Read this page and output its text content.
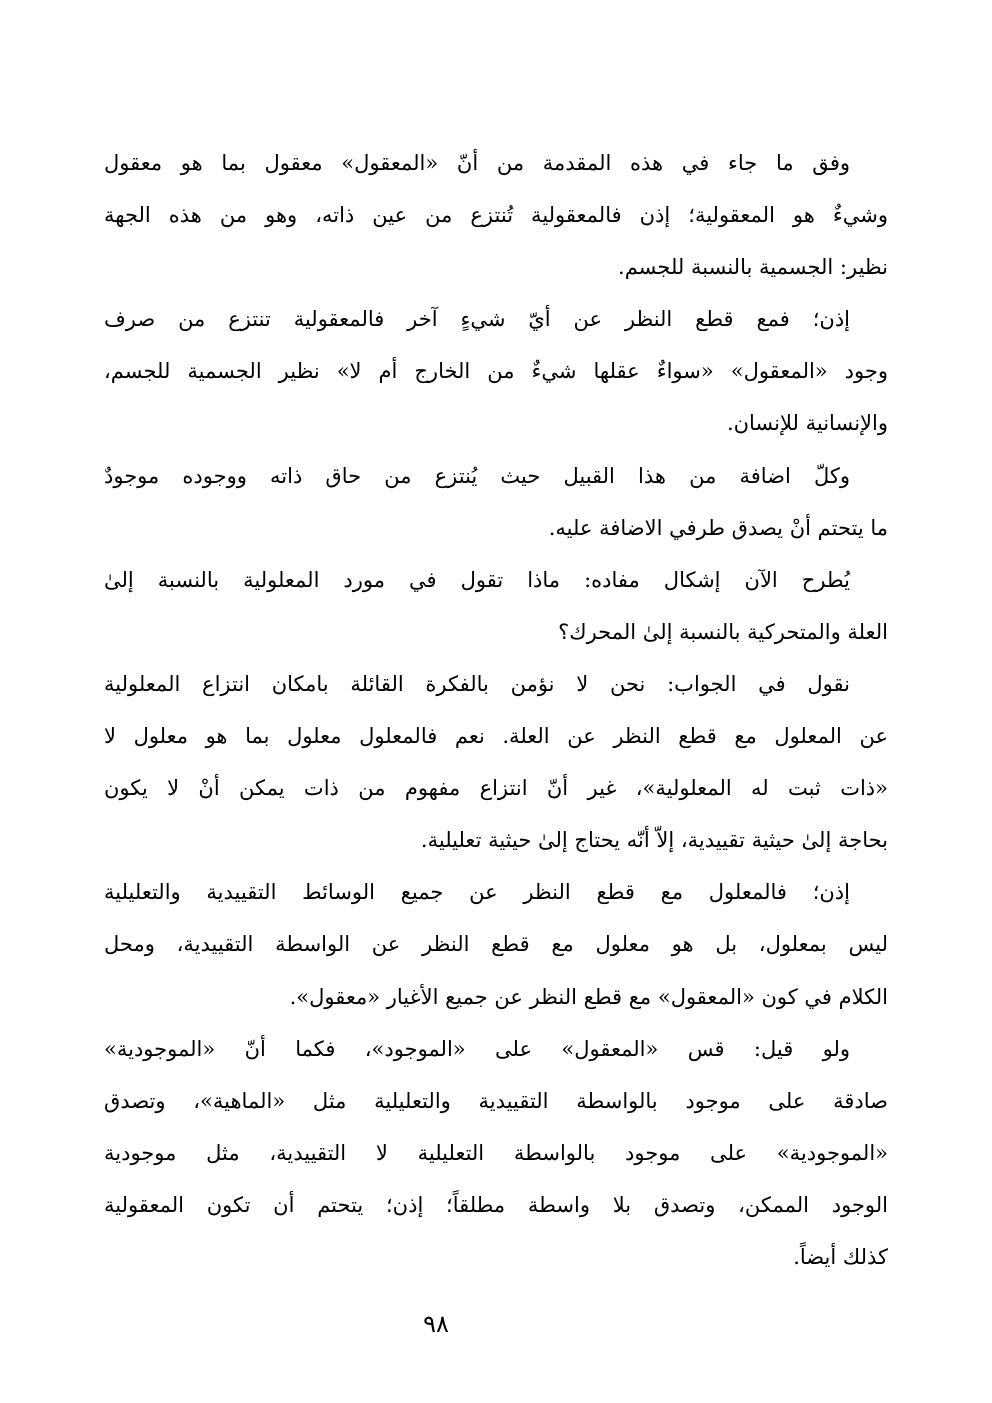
وفق ما جاء في هذه المقدمة من أنّ «المعقول» معقول بما هو معقول
وشيءٌ هو المعقولية؛ إذن فالمعقولية تُنتزع من عين ذاته، وهو من هذه الجهة
نظير: الجسمية بالنسبة للجسم.
إذن؛ فمع قطع النظر عن أيّ شيءٍ آخر فالمعقولية تنتزع من صرف
وجود «المعقول» «سواءٌ عقلها شيءٌ من الخارج أم لا» نظير الجسمية للجسم،
والإنسانية للإنسان.
وكلّ اضافة من هذا القبيل حيث يُنتزع من حاق ذاته ووجوده موجودٌ
ما يتحتم أنْ يصدق طرفي الاضافة عليه.
يُطرح الآن إشكال مفاده: ماذا تقول في مورد المعلولية بالنسبة إلىٰ
العلة والمتحركية بالنسبة إلىٰ المحرك؟
نقول في الجواب: نحن لا نؤمن بالفكرة القائلة بامكان انتزاع المعلولية
عن المعلول مع قطع النظر عن العلة. نعم فالمعلول معلول بما هو معلول لا
«ذات ثبت له المعلولية»، غير أنّ انتزاع مفهوم من ذات يمكن أنْ لا يكون
بحاجة إلىٰ حيثية تقييدية، إلاّ أنّه يحتاج إلىٰ حيثية تعليلية.
إذن؛ فالمعلول مع قطع النظر عن جميع الوسائط التقييدية والتعليلية
ليس بمعلول، بل هو معلول مع قطع النظر عن الواسطة التقييدية، ومحل
الكلام في كون «المعقول» مع قطع النظر عن جميع الأغيار «معقول».
ولو قيل: قس «المعقول» على «الموجود»، فكما أنّ «الموجودية»
صادقة على موجود بالواسطة التقييدية والتعليلية مثل «الماهية»، وتصدق
«الموجودية» على موجود بالواسطة التعليلية لا التقييدية، مثل موجودية
الوجود الممكن، وتصدق بلا واسطة مطلقاً؛ إذن؛ يتحتم أن تكون المعقولية
كذلك أيضاً.
٩٨
